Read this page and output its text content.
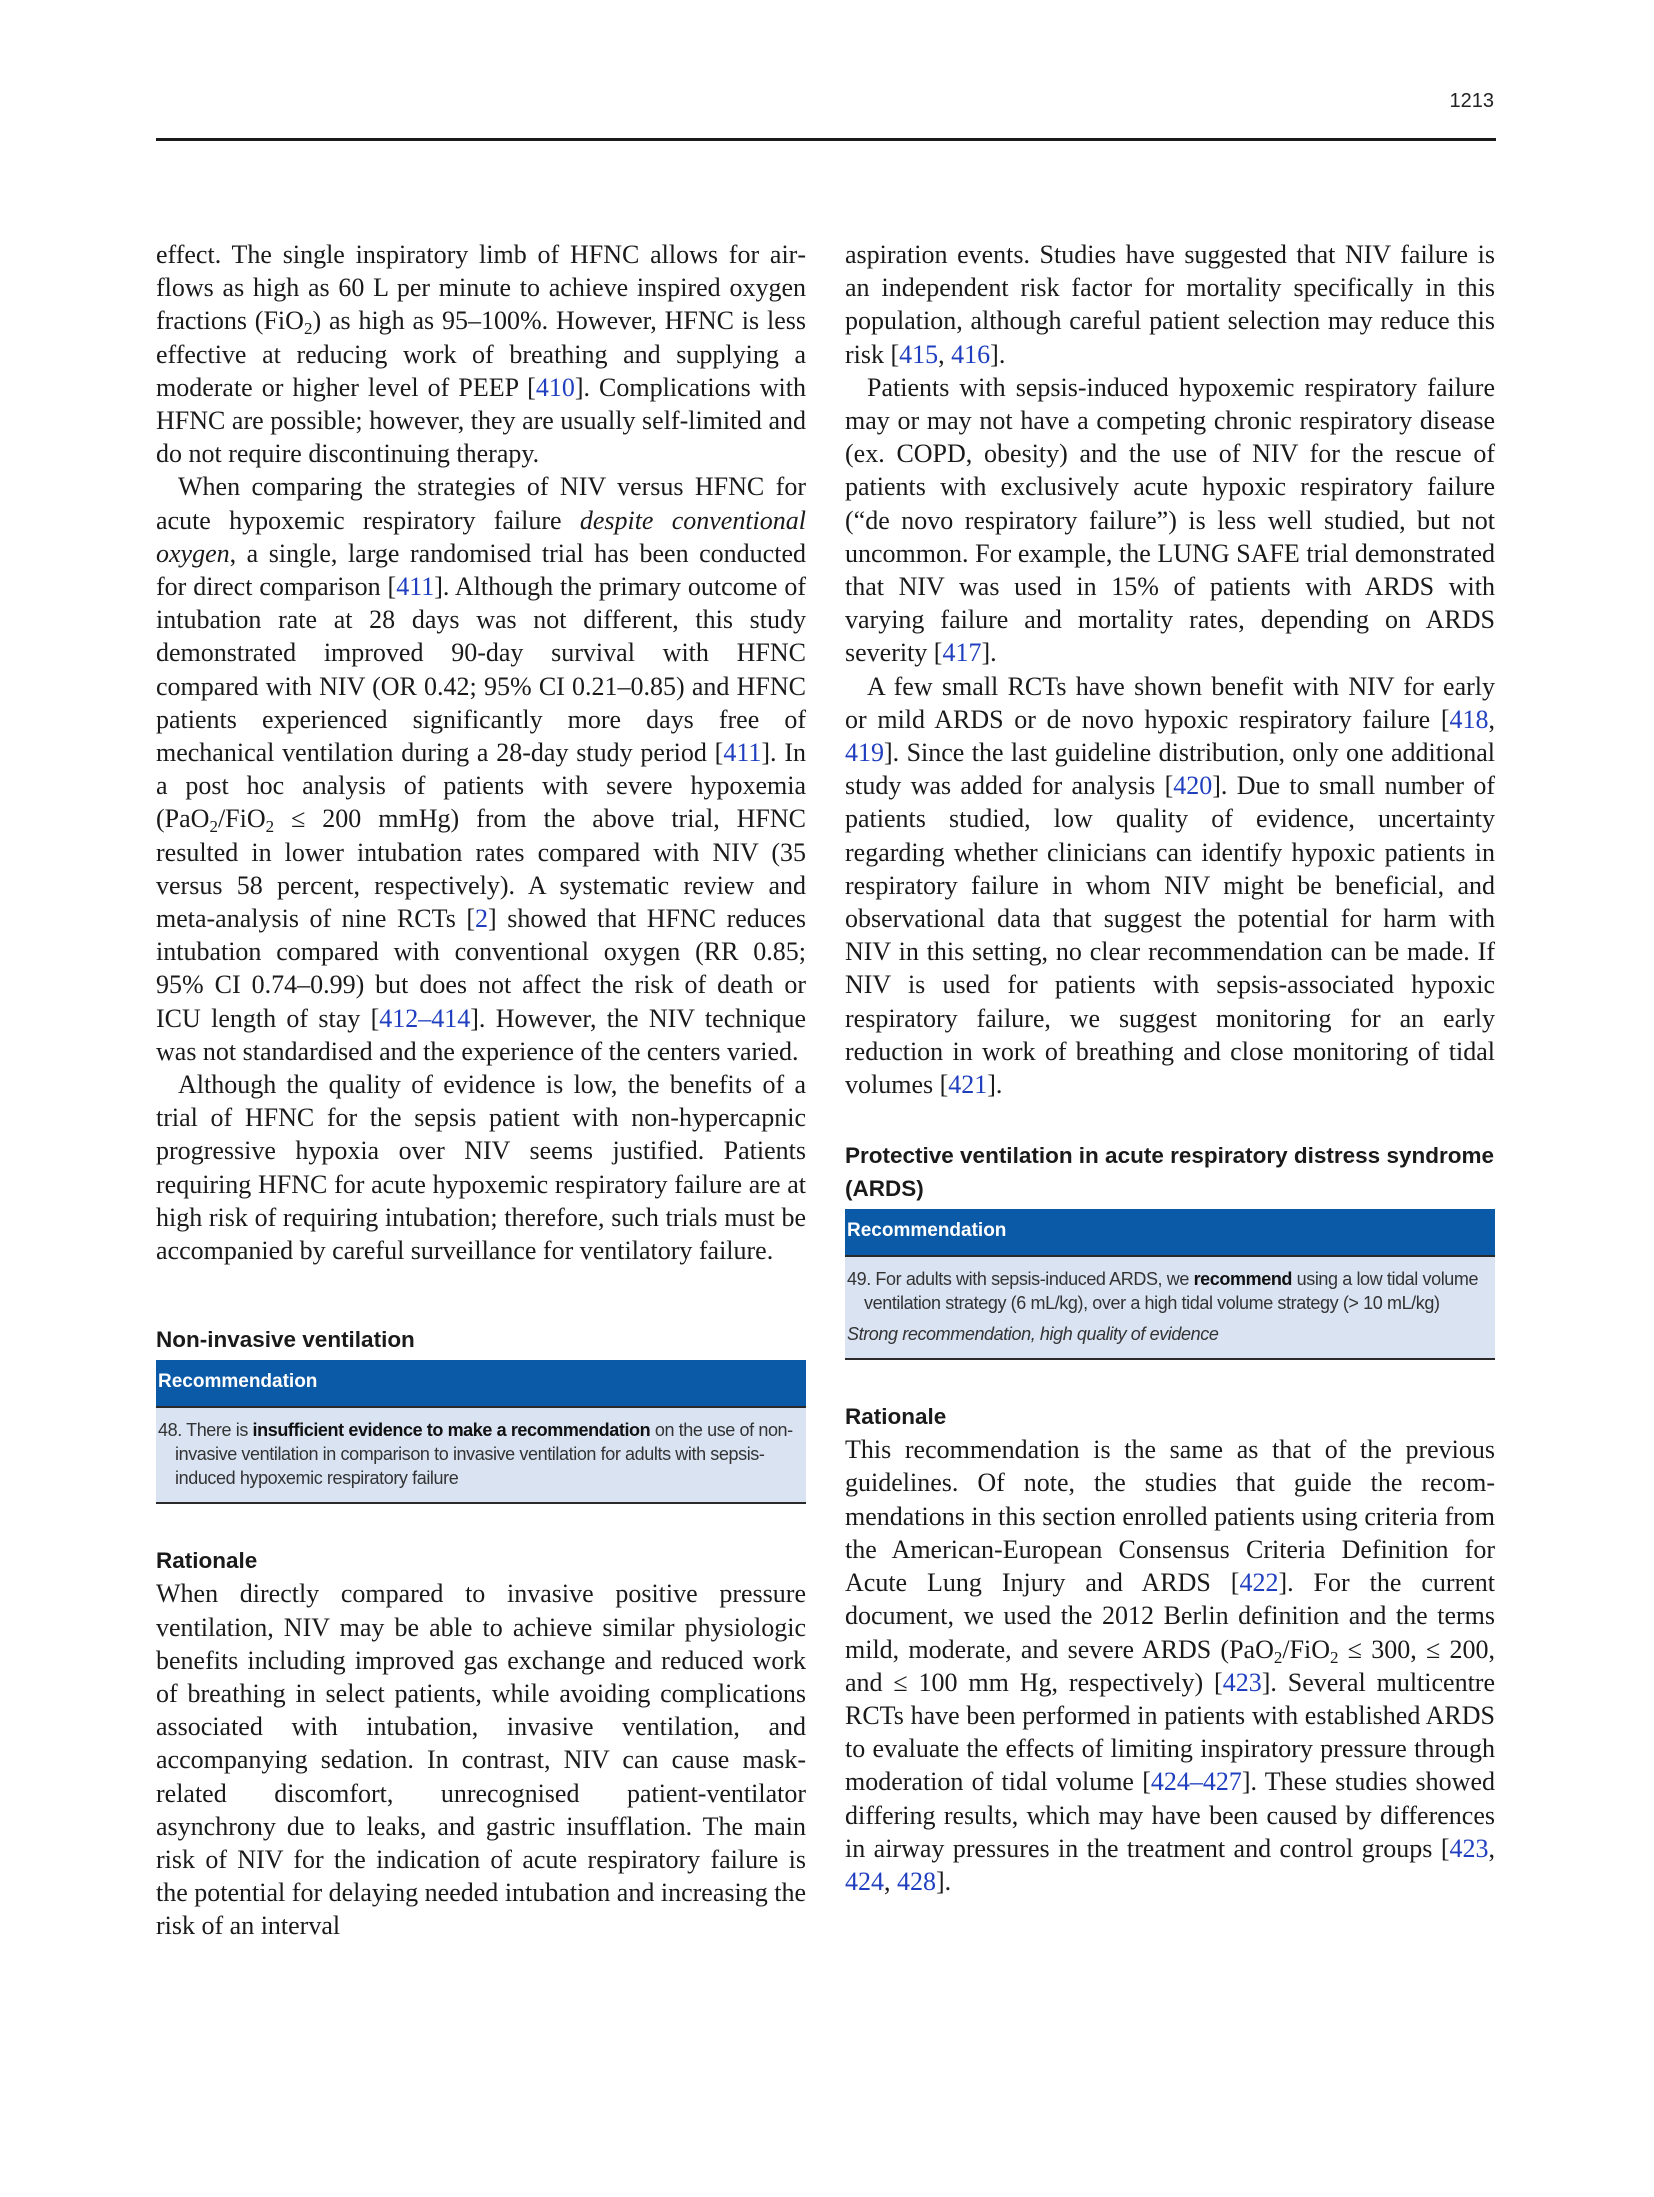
1213

effect. The single inspiratory limb of HFNC allows for airflows as high as 60 L per minute to achieve inspired oxygen fractions (FiO$_2$) as high as 95–100%. However, HFNC is less effective at reducing work of breathing and supplying a moderate or higher level of PEEP [410]. Complications with HFNC are possible; however, they are usually self-limited and do not require discontinuing therapy.

When comparing the strategies of NIV versus HFNC for acute hypoxemic respiratory failure despite conventional oxygen, a single, large randomised trial has been conducted for direct comparison [411]. Although the primary outcome of intubation rate at 28 days was not different, this study demonstrated improved 90-day survival with HFNC compared with NIV (OR 0.42; 95% CI 0.21–0.85) and HFNC patients experienced significantly more days free of mechanical ventilation during a 28-day study period [411]. In a post hoc analysis of patients with severe hypoxemia (PaO$_2$/FiO$_2$ ≤ 200 mmHg) from the above trial, HFNC resulted in lower intubation rates compared with NIV (35 versus 58 percent, respectively). A systematic review and meta-analysis of nine RCTs [2] showed that HFNC reduces intubation compared with conventional oxygen (RR 0.85; 95% CI 0.74–0.99) but does not affect the risk of death or ICU length of stay [412–414]. However, the NIV technique was not standardised and the experience of the centers varied.

Although the quality of evidence is low, the benefits of a trial of HFNC for the sepsis patient with non-hypercapnic progressive hypoxia over NIV seems justified. Patients requiring HFNC for acute hypoxemic respiratory failure are at high risk of requiring intubation; therefore, such trials must be accompanied by careful surveillance for ventilatory failure.

Non-invasive ventilation

Recommendation
48. There is insufficient evidence to make a recommendation on the use of non-invasive ventilation in comparison to invasive ventilation for adults with sepsis-induced hypoxemic respiratory failure

Rationale

When directly compared to invasive positive pressure ventilation, NIV may be able to achieve similar physiologic benefits including improved gas exchange and reduced work of breathing in select patients, while avoiding complications associated with intubation, invasive ventilation, and accompanying sedation. In contrast, NIV can cause mask-related discomfort, unrecognised patient-ventilator asynchrony due to leaks, and gastric insufflation. The main risk of NIV for the indication of acute respiratory failure is the potential for delaying needed intubation and increasing the risk of an interval

aspiration events. Studies have suggested that NIV failure is an independent risk factor for mortality specifically in this population, although careful patient selection may reduce this risk [415, 416].

Patients with sepsis-induced hypoxemic respiratory failure may or may not have a competing chronic respiratory disease (ex. COPD, obesity) and the use of NIV for the rescue of patients with exclusively acute hypoxic respiratory failure (“de novo respiratory failure”) is less well studied, but not uncommon. For example, the LUNG SAFE trial demonstrated that NIV was used in 15% of patients with ARDS with varying failure and mortality rates, depending on ARDS severity [417].

A few small RCTs have shown benefit with NIV for early or mild ARDS or de novo hypoxic respiratory failure [418, 419]. Since the last guideline distribution, only one additional study was added for analysis [420]. Due to small number of patients studied, low quality of evidence, uncertainty regarding whether clinicians can identify hypoxic patients in respiratory failure in whom NIV might be beneficial, and observational data that suggest the potential for harm with NIV in this setting, no clear recommendation can be made. If NIV is used for patients with sepsis-associated hypoxic respiratory failure, we suggest monitoring for an early reduction in work of breathing and close monitoring of tidal volumes [421].

Protective ventilation in acute respiratory distress syndrome (ARDS)

Recommendation
49. For adults with sepsis-induced ARDS, we recommend using a low tidal volume ventilation strategy (6 mL/kg), over a high tidal volume strategy (> 10 mL/kg)
Strong recommendation, high quality of evidence

Rationale

This recommendation is the same as that of the previous guidelines. Of note, the studies that guide the recommendations in this section enrolled patients using criteria from the American-European Consensus Criteria Definition for Acute Lung Injury and ARDS [422]. For the current document, we used the 2012 Berlin definition and the terms mild, moderate, and severe ARDS (PaO$_2$/FiO$_2$ ≤ 300, ≤ 200, and ≤ 100 mm Hg, respectively) [423]. Several multicentre RCTs have been performed in patients with established ARDS to evaluate the effects of limiting inspiratory pressure through moderation of tidal volume [424–427]. These studies showed differing results, which may have been caused by differences in airway pressures in the treatment and control groups [423, 424, 428].
